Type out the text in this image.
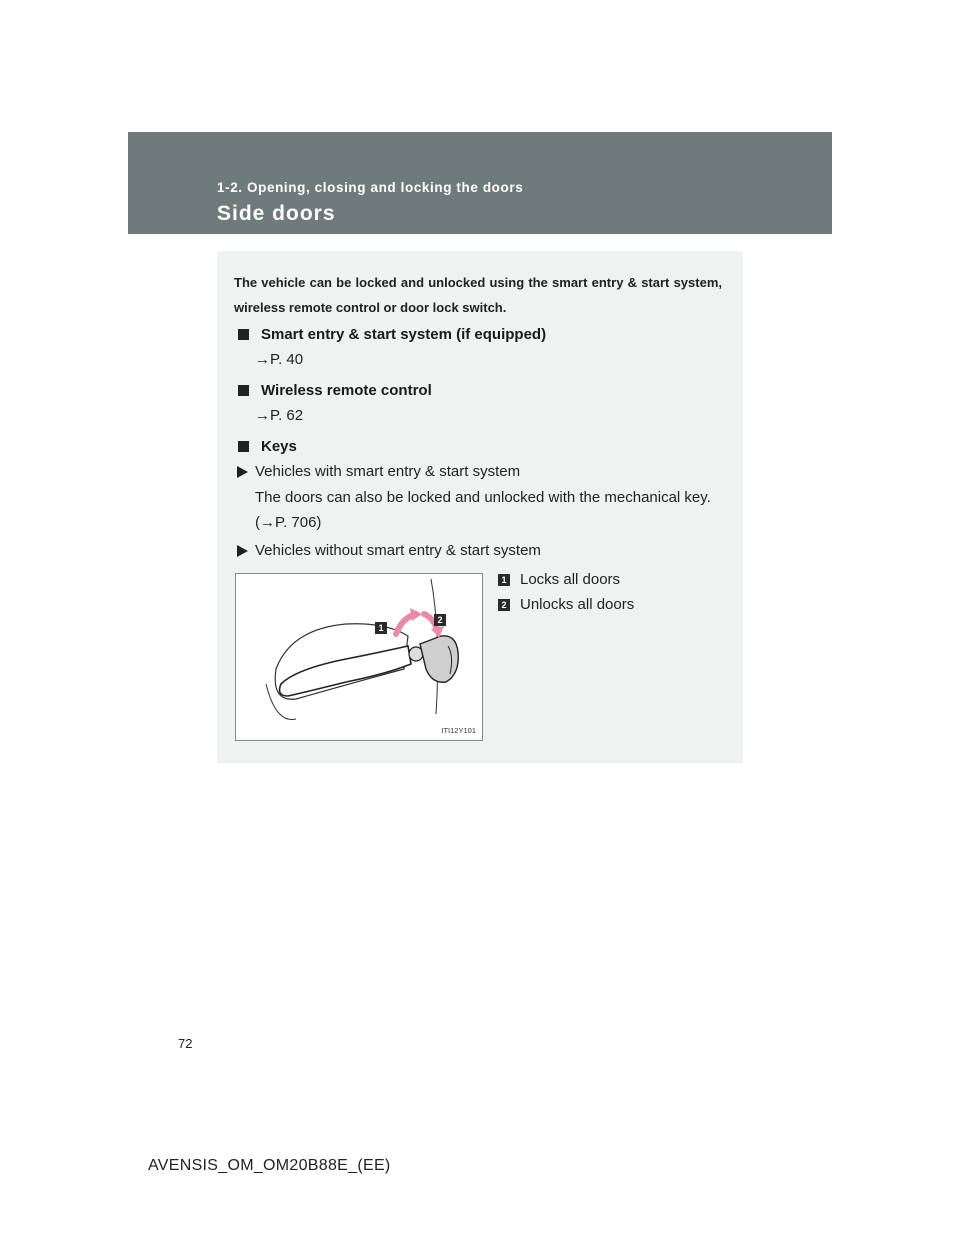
1-2. Opening, closing and locking the doors
Side doors
The vehicle can be locked and unlocked using the smart entry & start system, wireless remote control or door lock switch.
Smart entry & start system (if equipped)
→P. 40
Wireless remote control
→P. 62
Keys
Vehicles with smart entry & start system
The doors can also be locked and unlocked with the mechanical key. (→P. 706)
Vehicles without smart entry & start system
1
2
ITI12Y101
1 Locks all doors
2 Unlocks all doors
72
AVENSIS_OM_OM20B88E_(EE)
